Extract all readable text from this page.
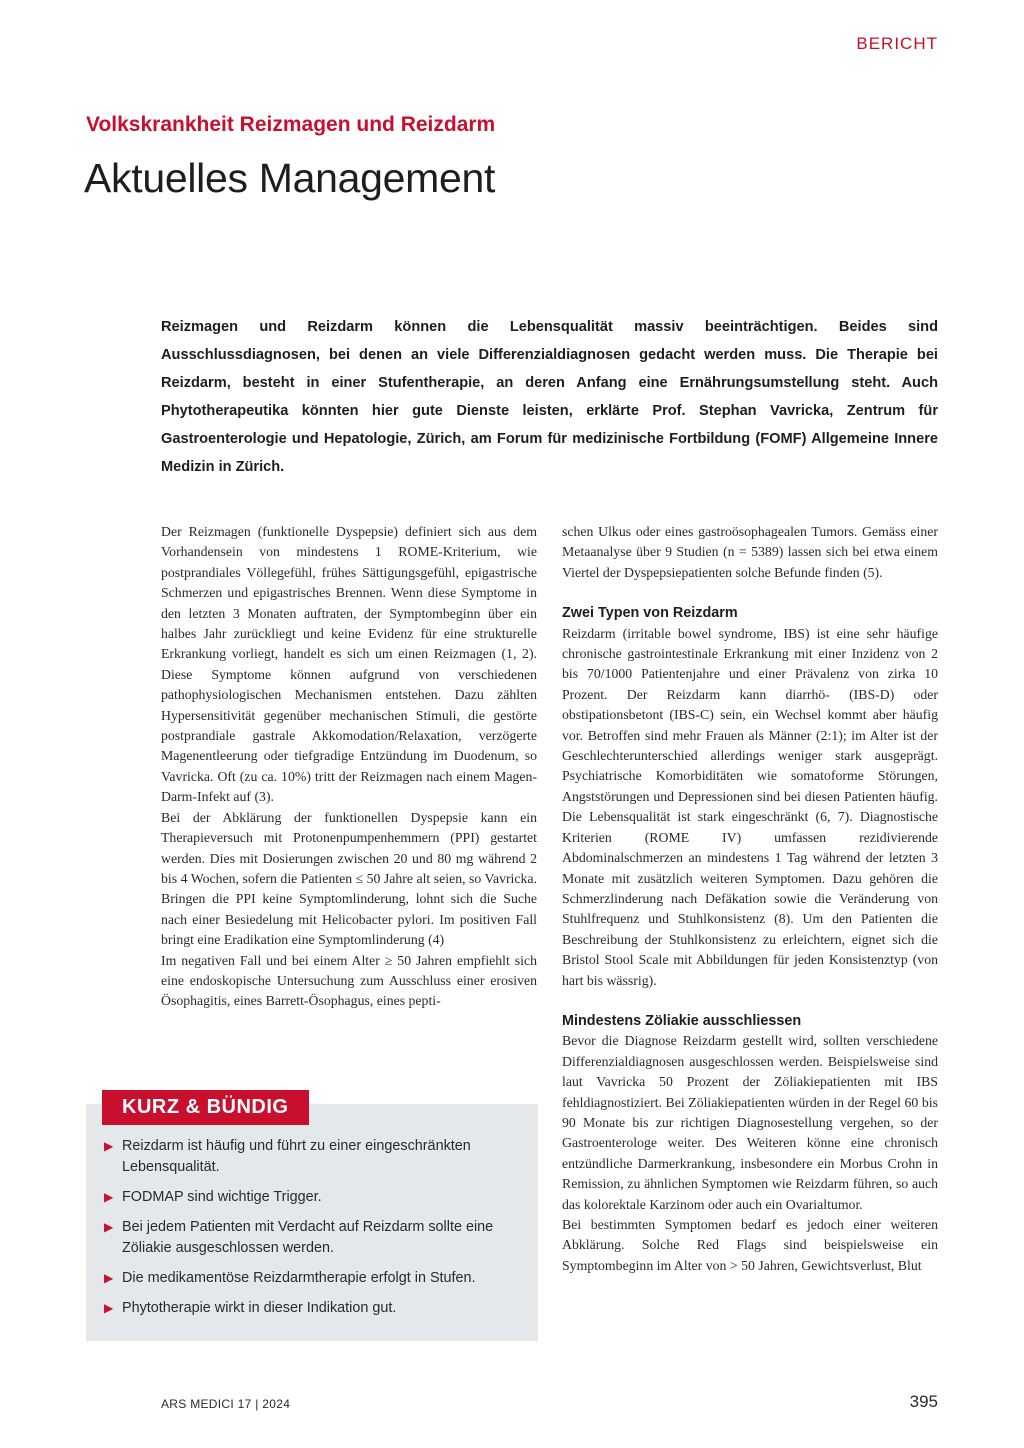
BERICHT
Volkskrankheit Reizmagen und Reizdarm
Aktuelles Management

Reizmagen und Reizdarm können die Lebensqualität massiv beeinträchtigen. Beides sind Ausschlussdiagnosen, bei denen an viele Differenzialdiagnosen gedacht werden muss. Die Therapie bei Reizdarm, besteht in einer Stufentherapie, an deren Anfang eine Ernährungsumstellung steht. Auch Phytotherapeutika könnten hier gute Dienste leisten, erklärte Prof. Stephan Vavricka, Zentrum für Gastroenterologie und Hepatologie, Zürich, am Forum für medizinische Fortbildung (FOMF) Allgemeine Innere Medizin in Zürich.

Der Reizmagen (funktionelle Dyspepsie) definiert sich aus dem Vorhandensein von mindestens 1 ROME-Kriterium, wie postprandiales Völlegefühl, frühes Sättigungsgefühl, epigastrische Schmerzen und epigastrisches Brennen. Wenn diese Symptome in den letzten 3 Monaten auftraten, der Symptombeginn über ein halbes Jahr zurückliegt und keine Evidenz für eine strukturelle Erkrankung vorliegt, handelt es sich um einen Reizmagen (1, 2). Diese Symptome können aufgrund von verschiedenen pathophysiologischen Mechanismen entstehen. Dazu zählten Hypersensitivität gegenüber mechanischen Stimuli, die gestörte postprandiale gastrale Akkomodation/Relaxation, verzögerte Magenentleerung oder tiefgradige Entzündung im Duodenum, so Vavricka. Oft (zu ca. 10%) tritt der Reizmagen nach einem Magen-Darm-Infekt auf (3).

Bei der Abklärung der funktionellen Dyspepsie kann ein Therapieversuch mit Protonenpumpenhemmern (PPI) gestartet werden. Dies mit Dosierungen zwischen 20 und 80 mg während 2 bis 4 Wochen, sofern die Patienten ≤ 50 Jahre alt seien, so Vavricka. Bringen die PPI keine Symptomlinderung, lohnt sich die Suche nach einer Besiedelung mit Helicobacter pylori. Im positiven Fall bringt eine Eradikation eine Symptomlinderung (4)

Im negativen Fall und bei einem Alter ≥ 50 Jahren empfiehlt sich eine endoskopische Untersuchung zum Ausschluss einer erosiven Ösophagitis, eines Barrett-Ösophagus, eines pepti-

schen Ulkus oder eines gastroösophagealen Tumors. Gemäss einer Metaanalyse über 9 Studien (n = 5389) lassen sich bei etwa einem Viertel der Dyspepsiepatienten solche Befunde finden (5).

Zwei Typen von Reizdarm

Reizdarm (irritable bowel syndrome, IBS) ist eine sehr häufige chronische gastrointestinale Erkrankung mit einer Inzidenz von 2 bis 70/1000 Patientenjahre und einer Prävalenz von zirka 10 Prozent. Der Reizdarm kann diarrhö- (IBS-D) oder obstipationsbetont (IBS-C) sein, ein Wechsel kommt aber häufig vor. Betroffen sind mehr Frauen als Männer (2:1); im Alter ist der Geschlechterunterschied allerdings weniger stark ausgeprägt. Psychiatrische Komorbiditäten wie somatoforme Störungen, Angststörungen und Depressionen sind bei diesen Patienten häufig. Die Lebensqualität ist stark eingeschränkt (6, 7). Diagnostische Kriterien (ROME IV) umfassen rezidivierende Abdominalschmerzen an mindestens 1 Tag während der letzten 3 Monate mit zusätzlich weiteren Symptomen. Dazu gehören die Schmerzlinderung nach Defäkation sowie die Veränderung von Stuhlfrequenz und Stuhlkonsistenz (8). Um den Patienten die Beschreibung der Stuhlkonsistenz zu erleichtern, eignet sich die Bristol Stool Scale mit Abbildungen für jeden Konsistenztyp (von hart bis wässrig).

Mindestens Zöliakie ausschliessen

Bevor die Diagnose Reizdarm gestellt wird, sollten verschiedene Differenzialdiagnosen ausgeschlossen werden. Beispielsweise sind laut Vavricka 50 Prozent der Zöliakiepatienten mit IBS fehldiagnostiziert. Bei Zöliakiepatienten würden in der Regel 60 bis 90 Monate bis zur richtigen Diagnosestellung vergehen, so der Gastroenterologe weiter. Des Weiteren könne eine chronisch entzündliche Darmerkrankung, insbesondere ein Morbus Crohn in Remission, zu ähnlichen Symptomen wie Reizdarm führen, so auch das kolorektale Karzinom oder auch ein Ovarialtumor.

Bei bestimmten Symptomen bedarf es jedoch einer weiteren Abklärung. Solche Red Flags sind beispielsweise ein Symptombeginn im Alter von > 50 Jahren, Gewichtsverlust, Blut

KURZ & BÜNDIG
▶ Reizdarm ist häufig und führt zu einer eingeschränkten Lebensqualität.
▶ FODMAP sind wichtige Trigger.
▶ Bei jedem Patienten mit Verdacht auf Reizdarm sollte eine Zöliakie ausgeschlossen werden.
▶ Die medikamentöse Reizdarmtherapie erfolgt in Stufen.
▶ Phytotherapie wirkt in dieser Indikation gut.
ARS MEDICI 17 | 2024	395
